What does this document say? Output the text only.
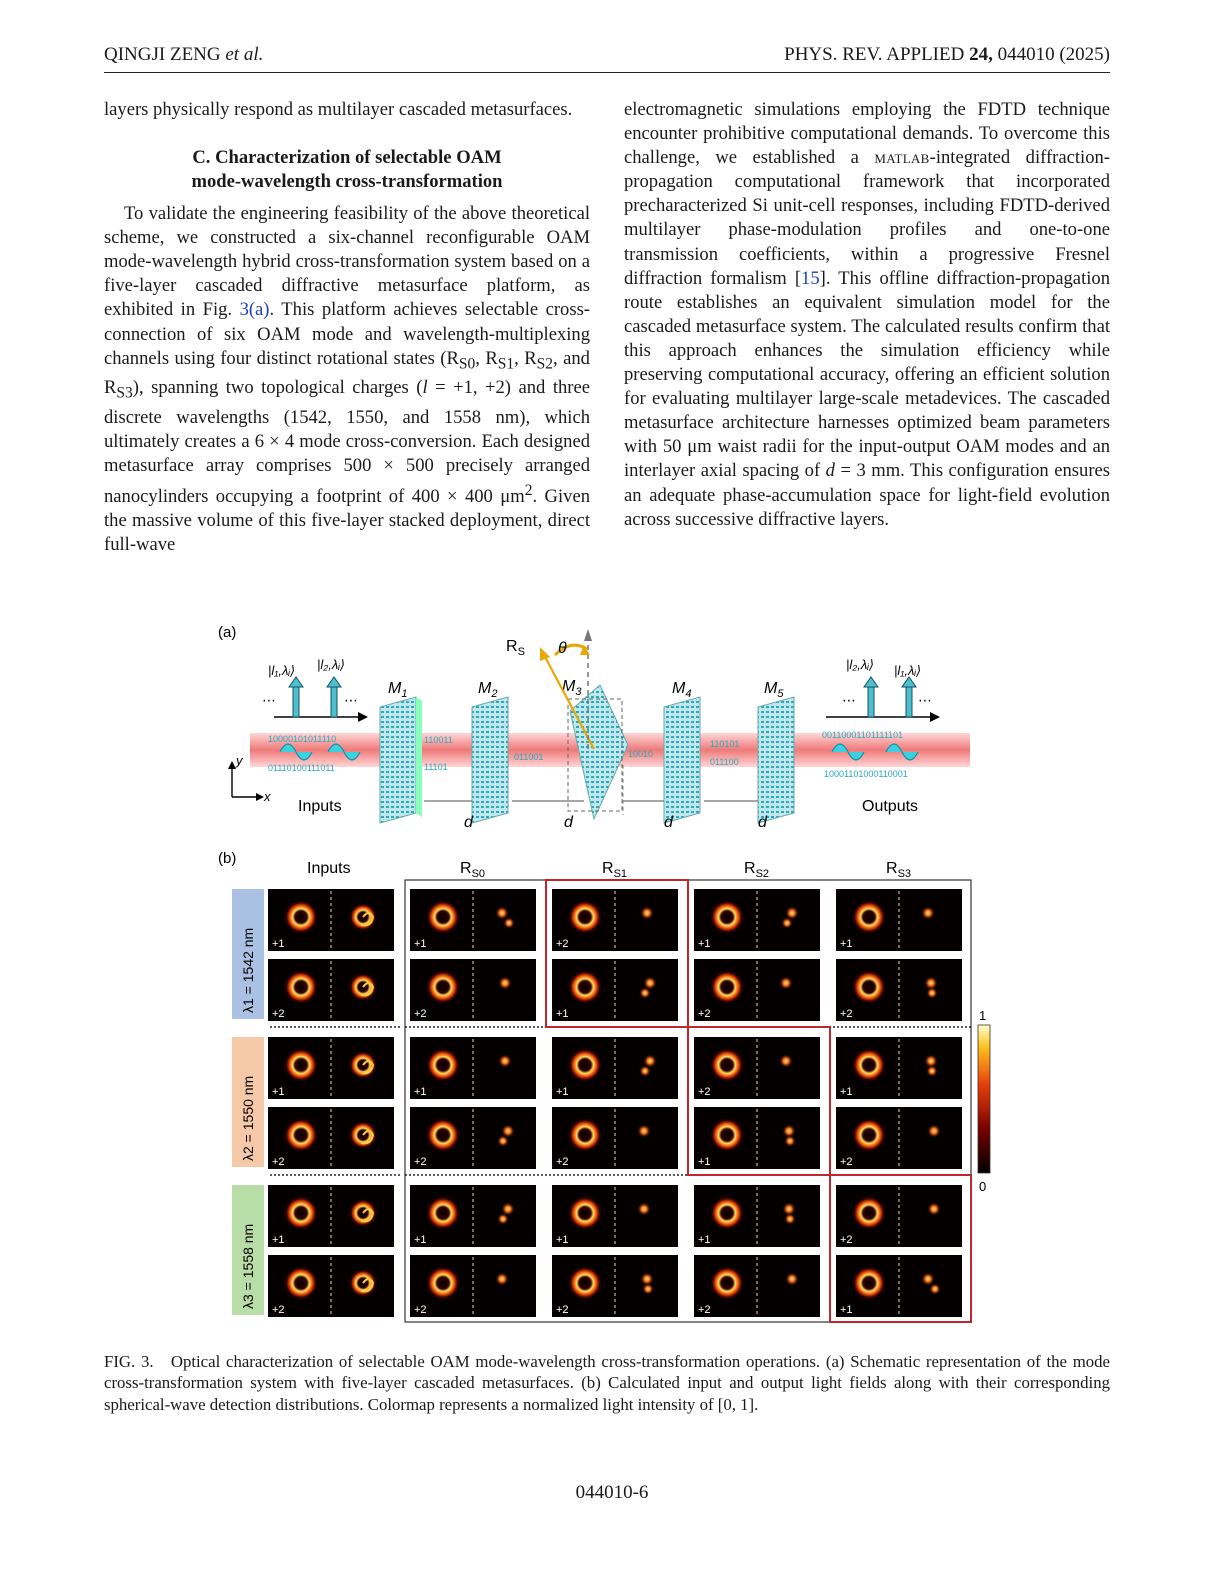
QINGJI ZENG et al.	PHYS. REV. APPLIED 24, 044010 (2025)

layers physically respond as multilayer cascaded metasurfaces.

C. Characterization of selectable OAM
mode-wavelength cross-transformation

To validate the engineering feasibility of the above theoretical scheme, we constructed a six-channel reconfigurable OAM mode-wavelength hybrid cross-transformation system based on a five-layer cascaded diffractive metasurface platform, as exhibited in Fig. 3(a). This platform achieves selectable cross-connection of six OAM mode and wavelength-multiplexing channels using four distinct rotational states ($R_{S0}$, $R_{S1}$, $R_{S2}$, and $R_{S3}$), spanning two topological charges (l = +1, +2) and three discrete wavelengths (1542, 1550, and 1558 nm), which ultimately creates a 6 × 4 mode cross-conversion. Each designed metasurface array comprises 500 × 500 precisely arranged nanocylinders occupying a footprint of 400 × 400 $\mu m^2$. Given the massive volume of this five-layer stacked deployment, direct full-wave

electromagnetic simulations employing the FDTD technique encounter prohibitive computational demands. To overcome this challenge, we established a matlab-integrated diffraction-propagation computational framework that incorporated precharacterized Si unit-cell responses, including FDTD-derived multilayer phase-modulation profiles and one-to-one transmission coefficients, within a progressive Fresnel diffraction formalism [15]. This offline diffraction-propagation route establishes an equivalent simulation model for the cascaded metasurface system. The calculated results confirm that this approach enhances the simulation efficiency while preserving computational accuracy, offering an efficient solution for evaluating multilayer large-scale metadevices. The cascaded metasurface architecture harnesses optimized beam parameters with 50 μm waist radii for the input-output OAM modes and an interlayer axial spacing of d = 3 mm. This configuration ensures an adequate phase-accumulation space for light-field evolution across successive diffractive layers.

(a)
|l₁,λᵢ⟩ |l₂,λᵢ⟩
⋯	⋯
10000101011110
01110100111011
y
x
Inputs
$M_1$	$M_2$	$M_3$	$M_4$	$M_5$
110011
011001
11101
10010
110101
011100
$R_S$ θ
d	d	d	d
|l₂,λᵢ⟩ |l₁,λᵢ⟩
⋯	⋯
00110001101111101
10001101000110001
Outputs
(b)
Inputs	$R_{S0}$	$R_{S1}$	$R_{S2}$	$R_{S3}$
λ1 = 1542 nm
λ2 = 1550 nm
λ3 = 1558 nm
+1
+2
+1
+2
+1
+2
+1
+2
+2
+1
+1
+2
+1
+2
+1
+2
+1
+2
+2
+1
+1
+2
+1
+2
+1
+2
+1
+2
+2
+1
1
0
FIG. 3. Optical characterization of selectable OAM mode-wavelength cross-transformation operations. (a) Schematic representation of the mode cross-transformation system with five-layer cascaded metasurfaces. (b) Calculated input and output light fields along with their corresponding spherical-wave detection distributions. Colormap represents a normalized light intensity of [0, 1].
044010-6
